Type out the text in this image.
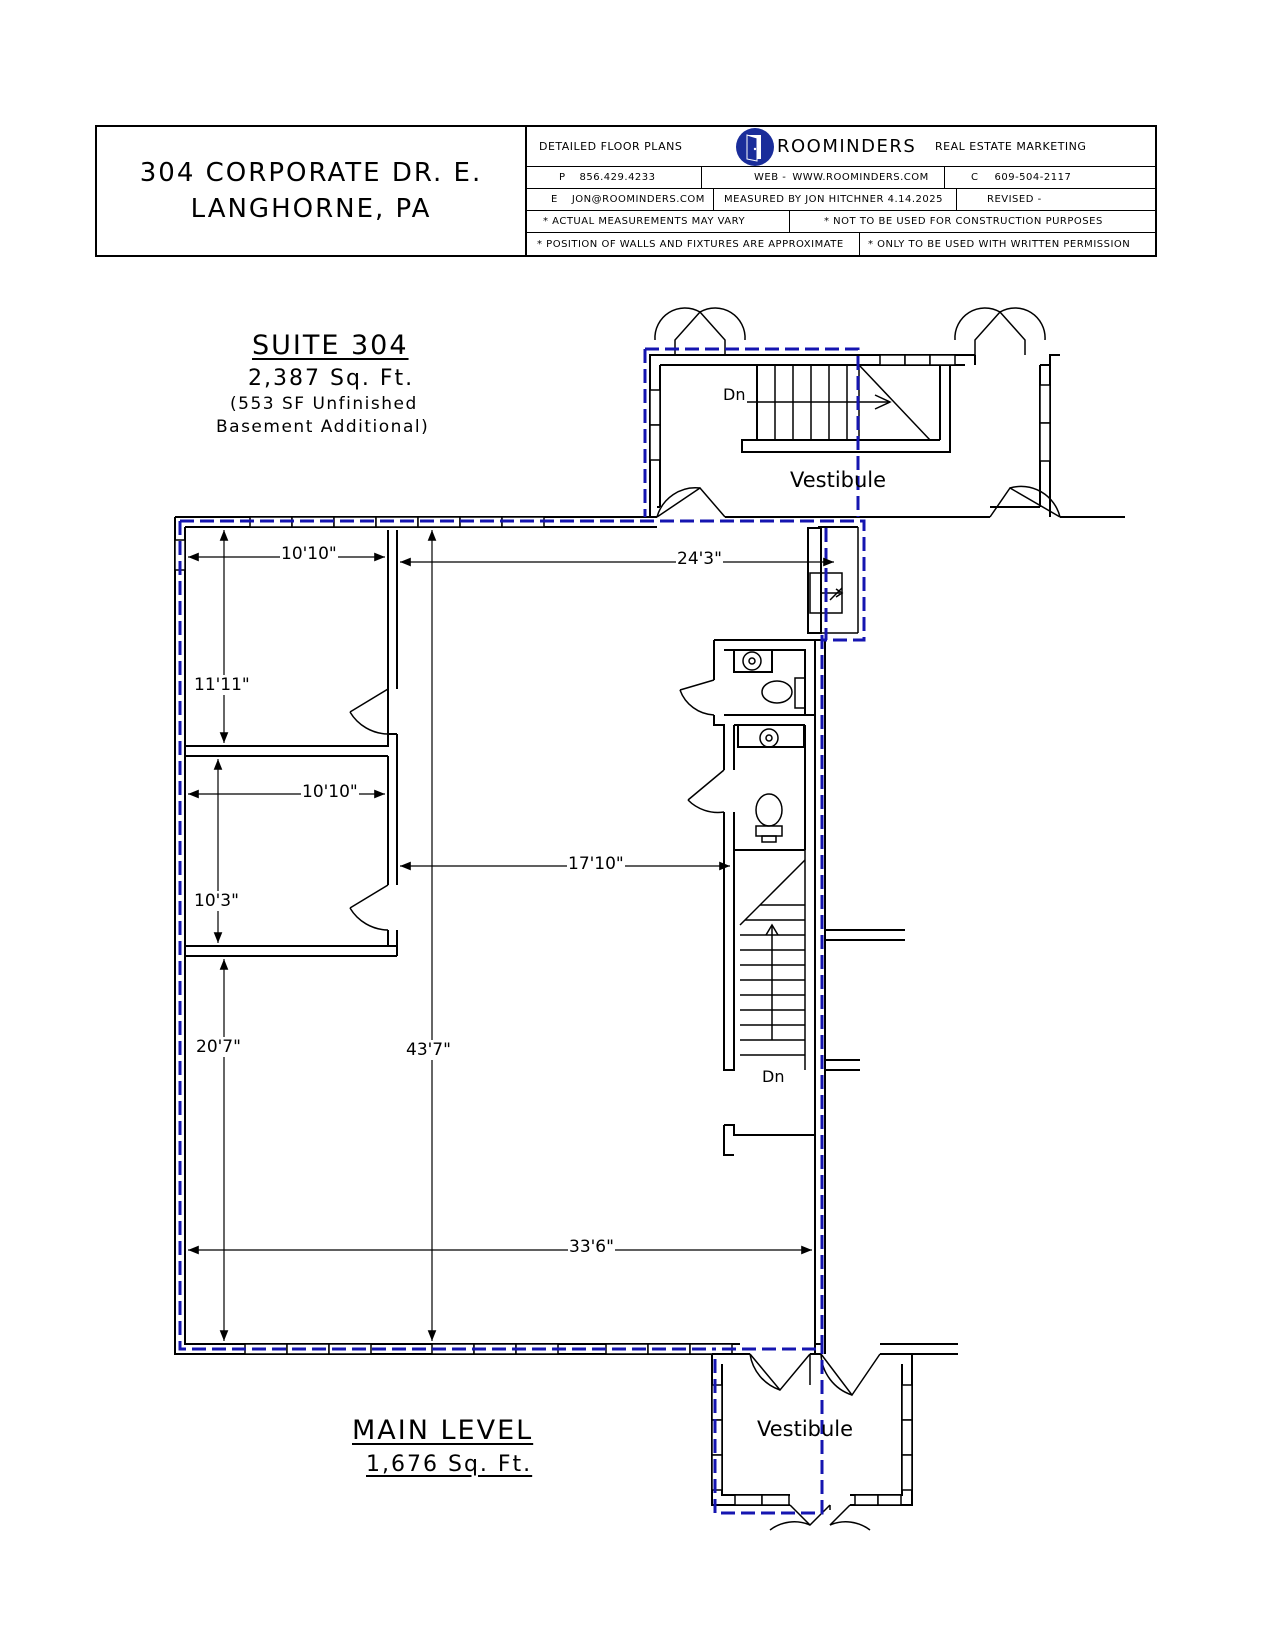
304 CORPORATE DR. E.
LANGHORNE, PA
DETAILED FLOOR PLANS	ROOMINDERS REAL ESTATE MARKETING
P 856.429.4233	WEB - WWW.ROOMINDERS.COM	C 609-504-2117
E JON@ROOMINDERS.COM	MEASURED BY JON HITCHNER 4.14.2025	REVISED -
* ACTUAL MEASUREMENTS MAY VARY	* NOT TO BE USED FOR CONSTRUCTION PURPOSES
* POSITION OF WALLS AND FIXTURES ARE APPROXIMATE	* ONLY TO BE USED WITH WRITTEN PERMISSION
10'10"
11'11"
10'10"
10'3"
24'3"
17'10"
20'7"	43'7"
33'6"
Vestibule
Vestibule
Dn
Dn
SUITE 304
2,387 Sq. Ft.
(553 SF Unfinished
Basement Additional)
MAIN LEVEL
1,676 Sq. Ft.
